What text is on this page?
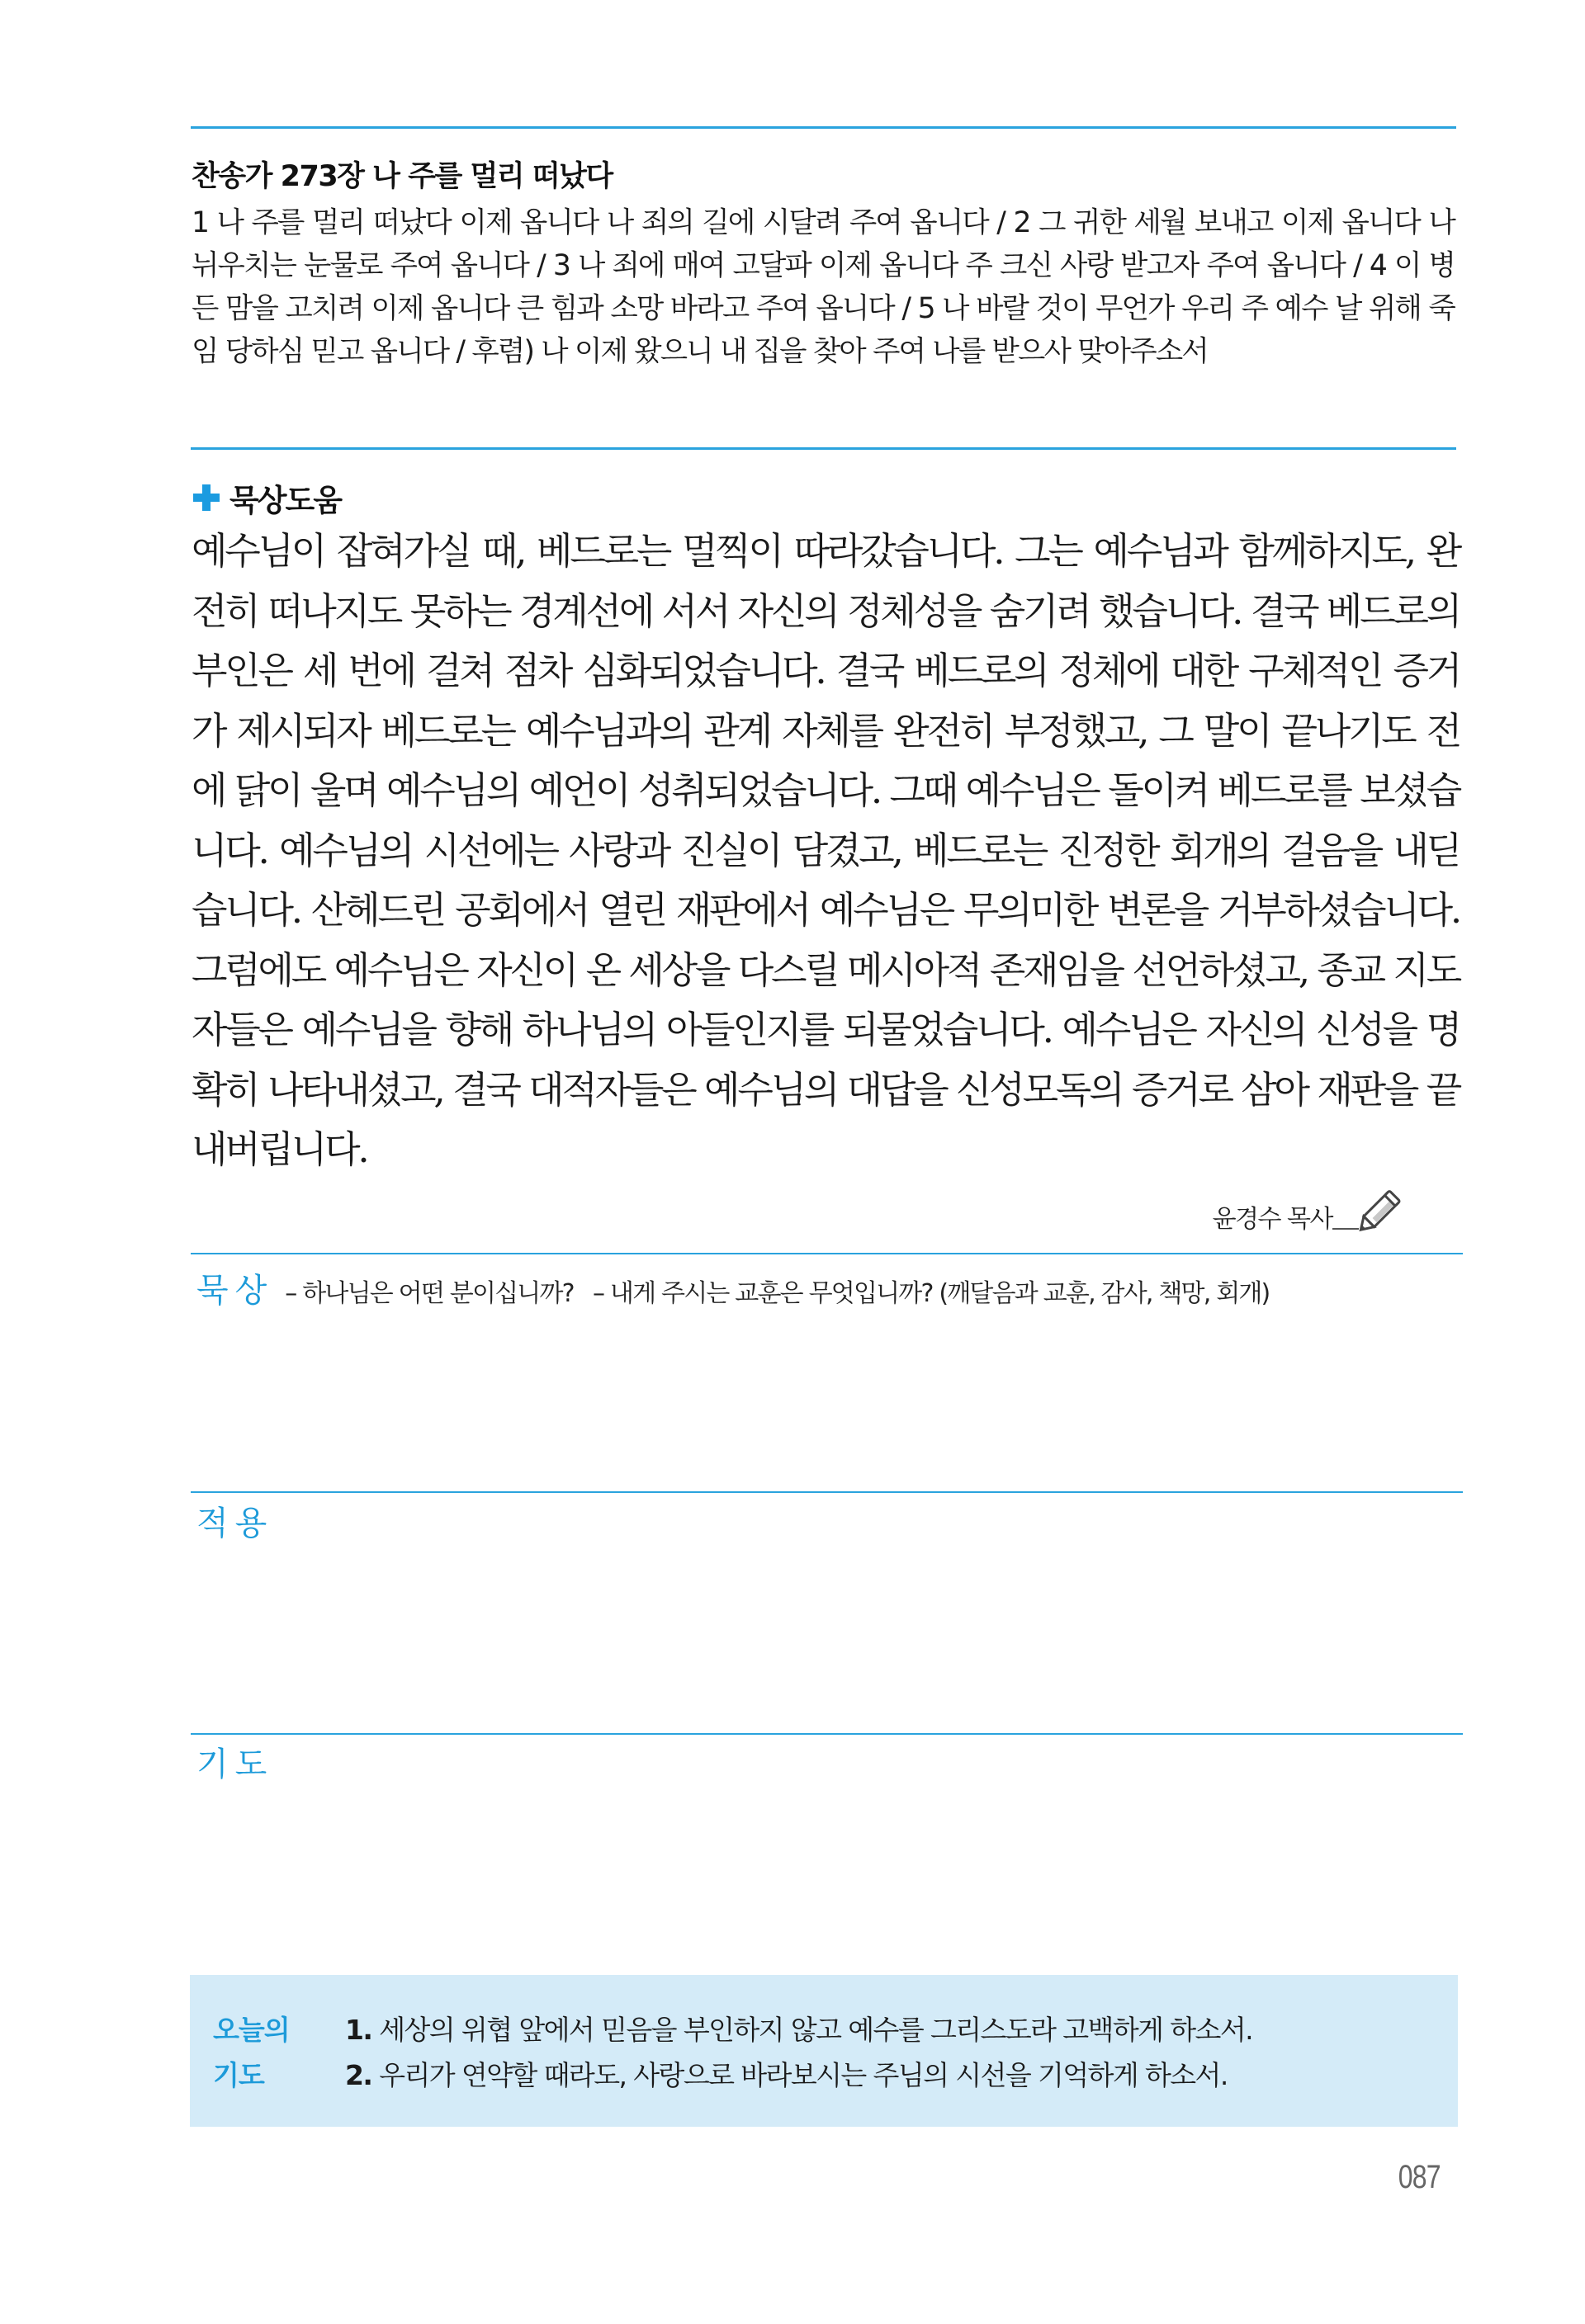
찬송가 273장 나 주를 멀리 떠났다
1 나 주를 멀리 떠났다 이제 옵니다 나 죄의 길에 시달려 주여 옵니다 / 2 그 귀한 세월 보내고 이제 옵니다 나 뉘우치는 눈물로 주여 옵니다 / 3 나 죄에 매여 고달파 이제 옵니다 주 크신 사랑 받고자 주여 옵니다 / 4 이 병든 맘을 고치려 이제 옵니다 큰 힘과 소망 바라고 주여 옵니다 / 5 나 바랄 것이 무언가 우리 주 예수 날 위해 죽임 당하심 믿고 옵니다 / 후렴) 나 이제 왔으니 내 집을 찾아 주여 나를 받으사 맞아주소서
묵상도움
예수님이 잡혀가실 때, 베드로는 멀찍이 따라갔습니다. 그는 예수님과 함께하지도, 완전히 떠나지도 못하는 경계선에 서서 자신의 정체성을 숨기려 했습니다. 결국 베드로의 부인은 세 번에 걸쳐 점차 심화되었습니다. 결국 베드로의 정체에 대한 구체적인 증거가 제시되자 베드로는 예수님과의 관계 자체를 완전히 부정했고, 그 말이 끝나기도 전에 닭이 울며 예수님의 예언이 성취되었습니다. 그때 예수님은 돌이켜 베드로를 보셨습니다. 예수님의 시선에는 사랑과 진실이 담겼고, 베드로는 진정한 회개의 걸음을 내딛습니다. 산헤드린 공회에서 열린 재판에서 예수님은 무의미한 변론을 거부하셨습니다. 그럼에도 예수님은 자신이 온 세상을 다스릴 메시아적 존재임을 선언하셨고, 종교 지도자들은 예수님을 향해 하나님의 아들인지를 되물었습니다. 예수님은 자신의 신성을 명확히 나타내셨고, 결국 대적자들은 예수님의 대답을 신성모독의 증거로 삼아 재판을 끝내버립니다.
윤경수 목사
묵상 – 하나님은 어떤 분이십니까?   – 내게 주시는 교훈은 무엇입니까? (깨달음과 교훈, 감사, 책망, 회개)
적용
기도
오늘의
기도
1. 세상의 위협 앞에서 믿음을 부인하지 않고 예수를 그리스도라 고백하게 하소서.
2. 우리가 연약할 때라도, 사랑으로 바라보시는 주님의 시선을 기억하게 하소서.
087
